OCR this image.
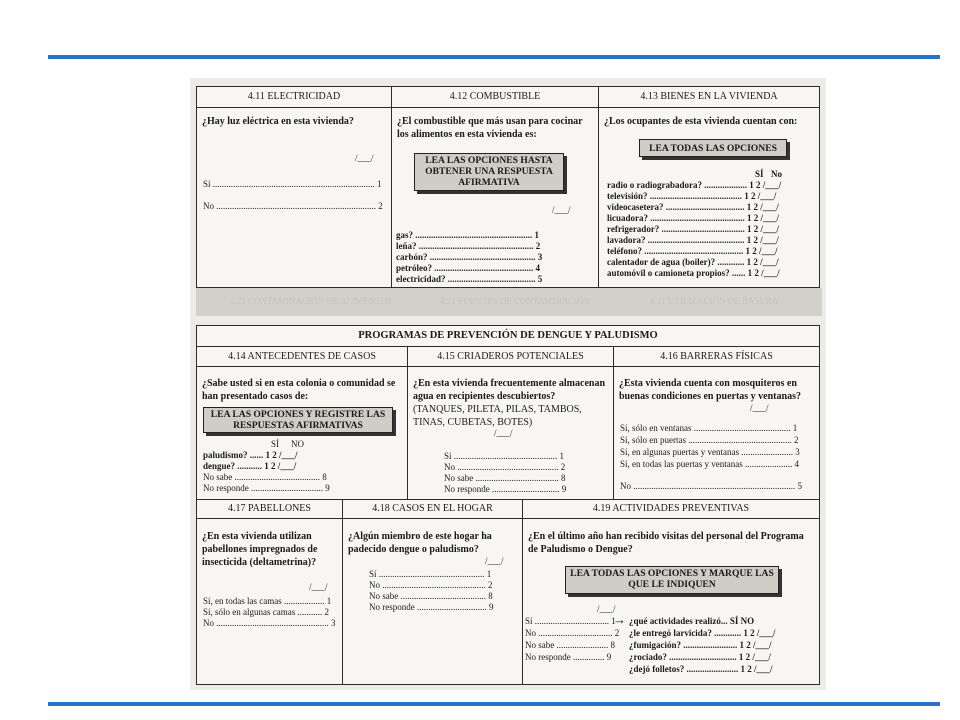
4.21 UTILIZACIÓN DE BASURA
4.21 FUENTES DE CONTAMINACIÓN
4.21 CONTAMINACIÓN DE ALIMENTOS
4.11 ELECTRICIDAD
¿Hay luz eléctrica en esta vivienda?
/___/
Sí ........................................................................ 1
No ....................................................................... 2
4.12 COMBUSTIBLE
¿El combustible que más usan para cocinar los alimentos en esta vivienda es:
LEA LAS OPCIONES HASTA OBTENER UNA RESPUESTA AFIRMATIVA
/___/
gas? .................................................... 1
leña? ................................................... 2
carbón? ............................................... 3
petróleo? ............................................ 4
electricidad? ....................................... 5
4.13 BIENES EN LA VIVIENDA
¿Los ocupantes de esta vivienda cuentan con:
LEA TODAS LAS OPCIONES
SÍ No
radio o radiograbadora? ................... 1 2 /___/
televisión? ......................................... 1 2 /___/
videocasetera? ................................... 1 2 /___/
licuadora? .......................................... 1 2 /___/
refrigerador? ..................................... 1 2 /___/
lavadora? ........................................... 1 2 /___/
teléfono? ............................................ 1 2 /___/
calentador de agua (boiler)? ............ 1 2 /___/
automóvil o camioneta propios? ...... 1 2 /___/
PROGRAMAS DE PREVENCIÓN DE DENGUE Y PALUDISMO
4.14 ANTECEDENTES DE CASOS
¿Sabe usted si en esta colonia o comunidad se han presentado casos de:
LEA LAS OPCIONES Y REGISTRE LAS RESPUESTAS AFIRMATIVAS
SÍ NO
paludismo? ...... 1 2 /___/
dengue? ........... 1 2 /___/
No sabe ...................................... 8
No responde ................................ 9
4.15 CRIADEROS POTENCIALES
¿En esta vivienda frecuentemente almacenan agua en recipientes descubiertos? (TANQUES, PILETA, PILAS, TAMBOS, TINAS, CUBETAS, BOTES)
/___/
Sí .............................................. 1
No ............................................. 2
No sabe ..................................... 8
No responde .............................. 9
4.16 BARRERAS FÍSICAS
¿Esta vivienda cuenta con mosquiteros en buenas condiciones en puertas y ventanas?
/___/
Sí, sólo en ventanas ........................................... 1
Sí, sólo en puertas .............................................. 2
Sí, en algunas puertas y ventanas ....................... 3
Sí, en todas las puertas y ventanas ..................... 4
No ........................................................................ 5
4.17 PABELLONES
¿En esta vivienda utilizan pabellones impregnados de insecticida (deltametrina)?
/___/
Sí, en todas las camas .................. 1
Sí, sólo en algunas camas ........... 2
No .................................................. 3
4.18 CASOS EN EL HOGAR
¿Algún miembro de este hogar ha padecido dengue o paludismo?
/___/
Sí ............................................... 1
No .............................................. 2
No sabe ...................................... 8
No responde ............................... 9
4.19 ACTIVIDADES PREVENTIVAS
¿En el último año han recibido visitas del personal del Programa de Paludismo o Dengue?
LEA TODAS LAS OPCIONES Y MARQUE LAS QUE LE INDIQUEN
/___/
Sí ................................. 1
No ................................. 2
No sabe ....................... 8
No responde .............. 9
→ ¿qué actividades realizó... SÍ NO
¿le entregó larvicida? ............ 1 2 /___/
¿fumigación? ........................ 1 2 /___/
¿rociado? .............................. 1 2 /___/
¿dejó folletos? ....................... 1 2 /___/
